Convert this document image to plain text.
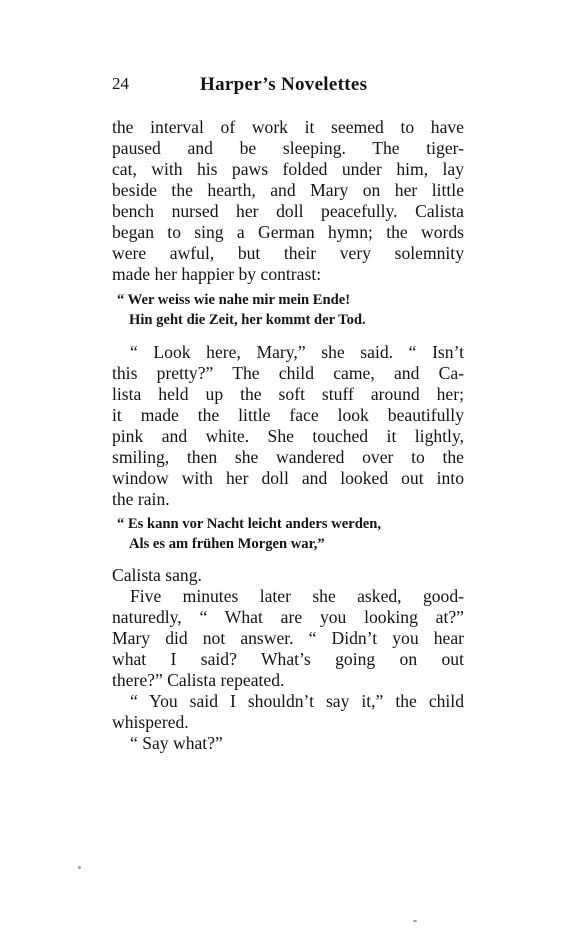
24	Harper’s Novelettes
the interval of work it seemed to have
paused and be sleeping. The tiger-
cat, with his paws folded under him, lay
beside the hearth, and Mary on her little
bench nursed her doll peacefully. Calista
began to sing a German hymn; the words
were awful, but their very solemnity
made her happier by contrast:
“ Wer weiss wie nahe mir mein Ende!
Hin geht die Zeit, her kommt der Tod.
“ Look here, Mary,” she said. “ Isn’t
this pretty?” The child came, and Ca-
lista held up the soft stuff around her;
it made the little face look beautifully
pink and white. She touched it lightly,
smiling, then she wandered over to the
window with her doll and looked out into
the rain.
“ Es kann vor Nacht leicht anders werden,
Als es am frühen Morgen war,”
Calista sang.
Five minutes later she asked, good-
naturedly, “ What are you looking at?”
Mary did not answer. “ Didn’t you hear
what I said? What’s going on out
there?” Calista repeated.
“ You said I shouldn’t say it,” the child
whispered.
“ Say what?”
